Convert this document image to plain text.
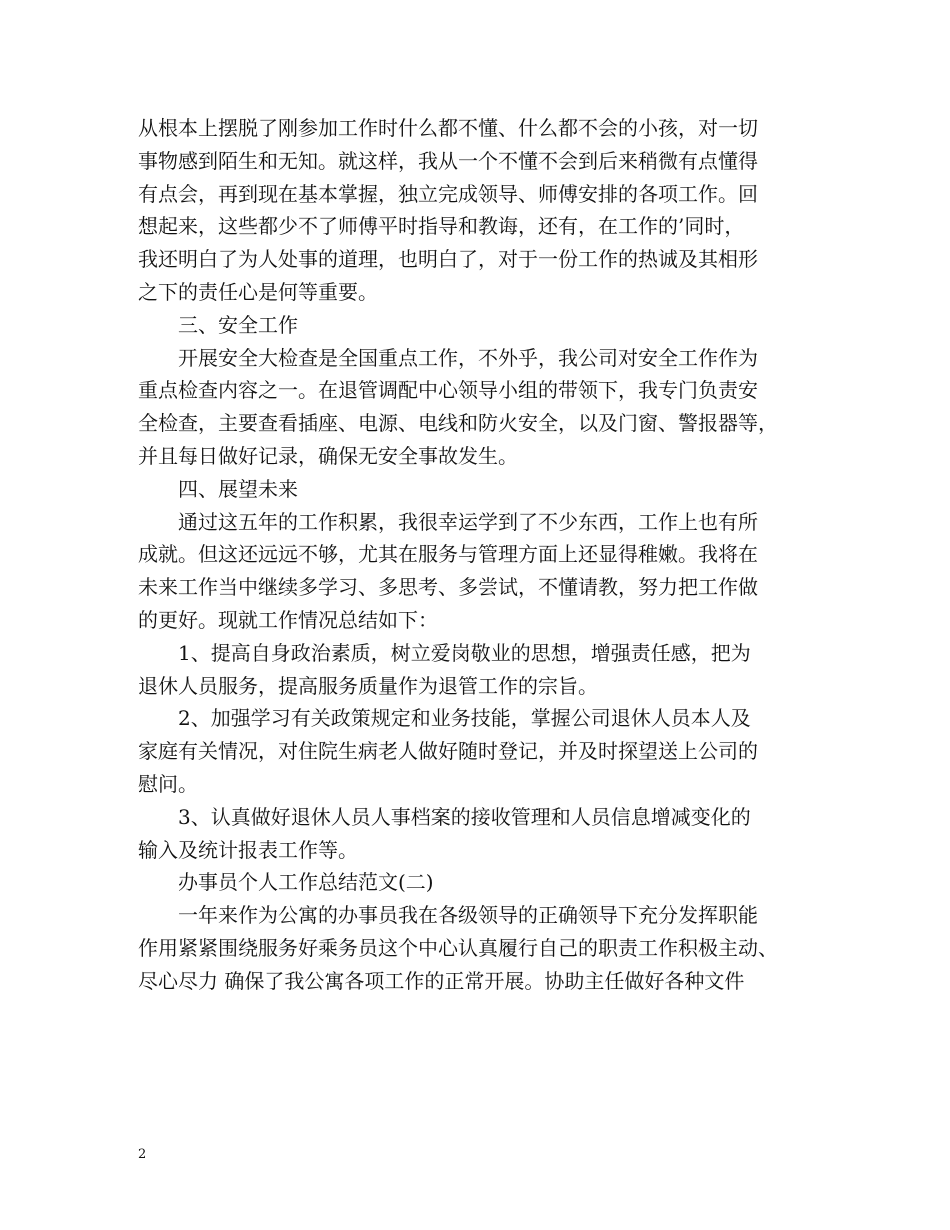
从根本上摆脱了刚参加工作时什么都不懂、什么都不会的小孩，对一切
事物感到陌生和无知。就这样，我从一个不懂不会到后来稍微有点懂得
有点会，再到现在基本掌握，独立完成领导、师傅安排的各项工作。回
想起来，这些都少不了师傅平时指导和教诲，还有，在工作的’同时，
我还明白了为人处事的道理，也明白了，对于一份工作的热诚及其相形
之下的责任心是何等重要。
三、安全工作
开展安全大检查是全国重点工作，不外乎，我公司对安全工作作为
重点检查内容之一。在退管调配中心领导小组的带领下，我专门负责安
全检查，主要查看插座、电源、电线和防火安全，以及门窗、警报器等，
并且每日做好记录，确保无安全事故发生。
四、展望未来
通过这五年的工作积累，我很幸运学到了不少东西，工作上也有所
成就。但这还远远不够，尤其在服务与管理方面上还显得稚嫩。我将在
未来工作当中继续多学习、多思考、多尝试，不懂请教，努力把工作做
的更好。现就工作情况总结如下：
1、提高自身政治素质，树立爱岗敬业的思想，增强责任感，把为
退休人员服务，提高服务质量作为退管工作的宗旨。
2、加强学习有关政策规定和业务技能，掌握公司退休人员本人及
家庭有关情况，对住院生病老人做好随时登记，并及时探望送上公司的
慰问。
3、认真做好退休人员人事档案的接收管理和人员信息增减变化的
输入及统计报表工作等。
办事员个人工作总结范文(二)
一年来作为公寓的办事员我在各级领导的正确领导下充分发挥职能
作用紧紧围绕服务好乘务员这个中心认真履行自己的职责工作积极主动、
尽心尽力 确保了我公寓各项工作的正常开展。协助主任做好各种文件
2
